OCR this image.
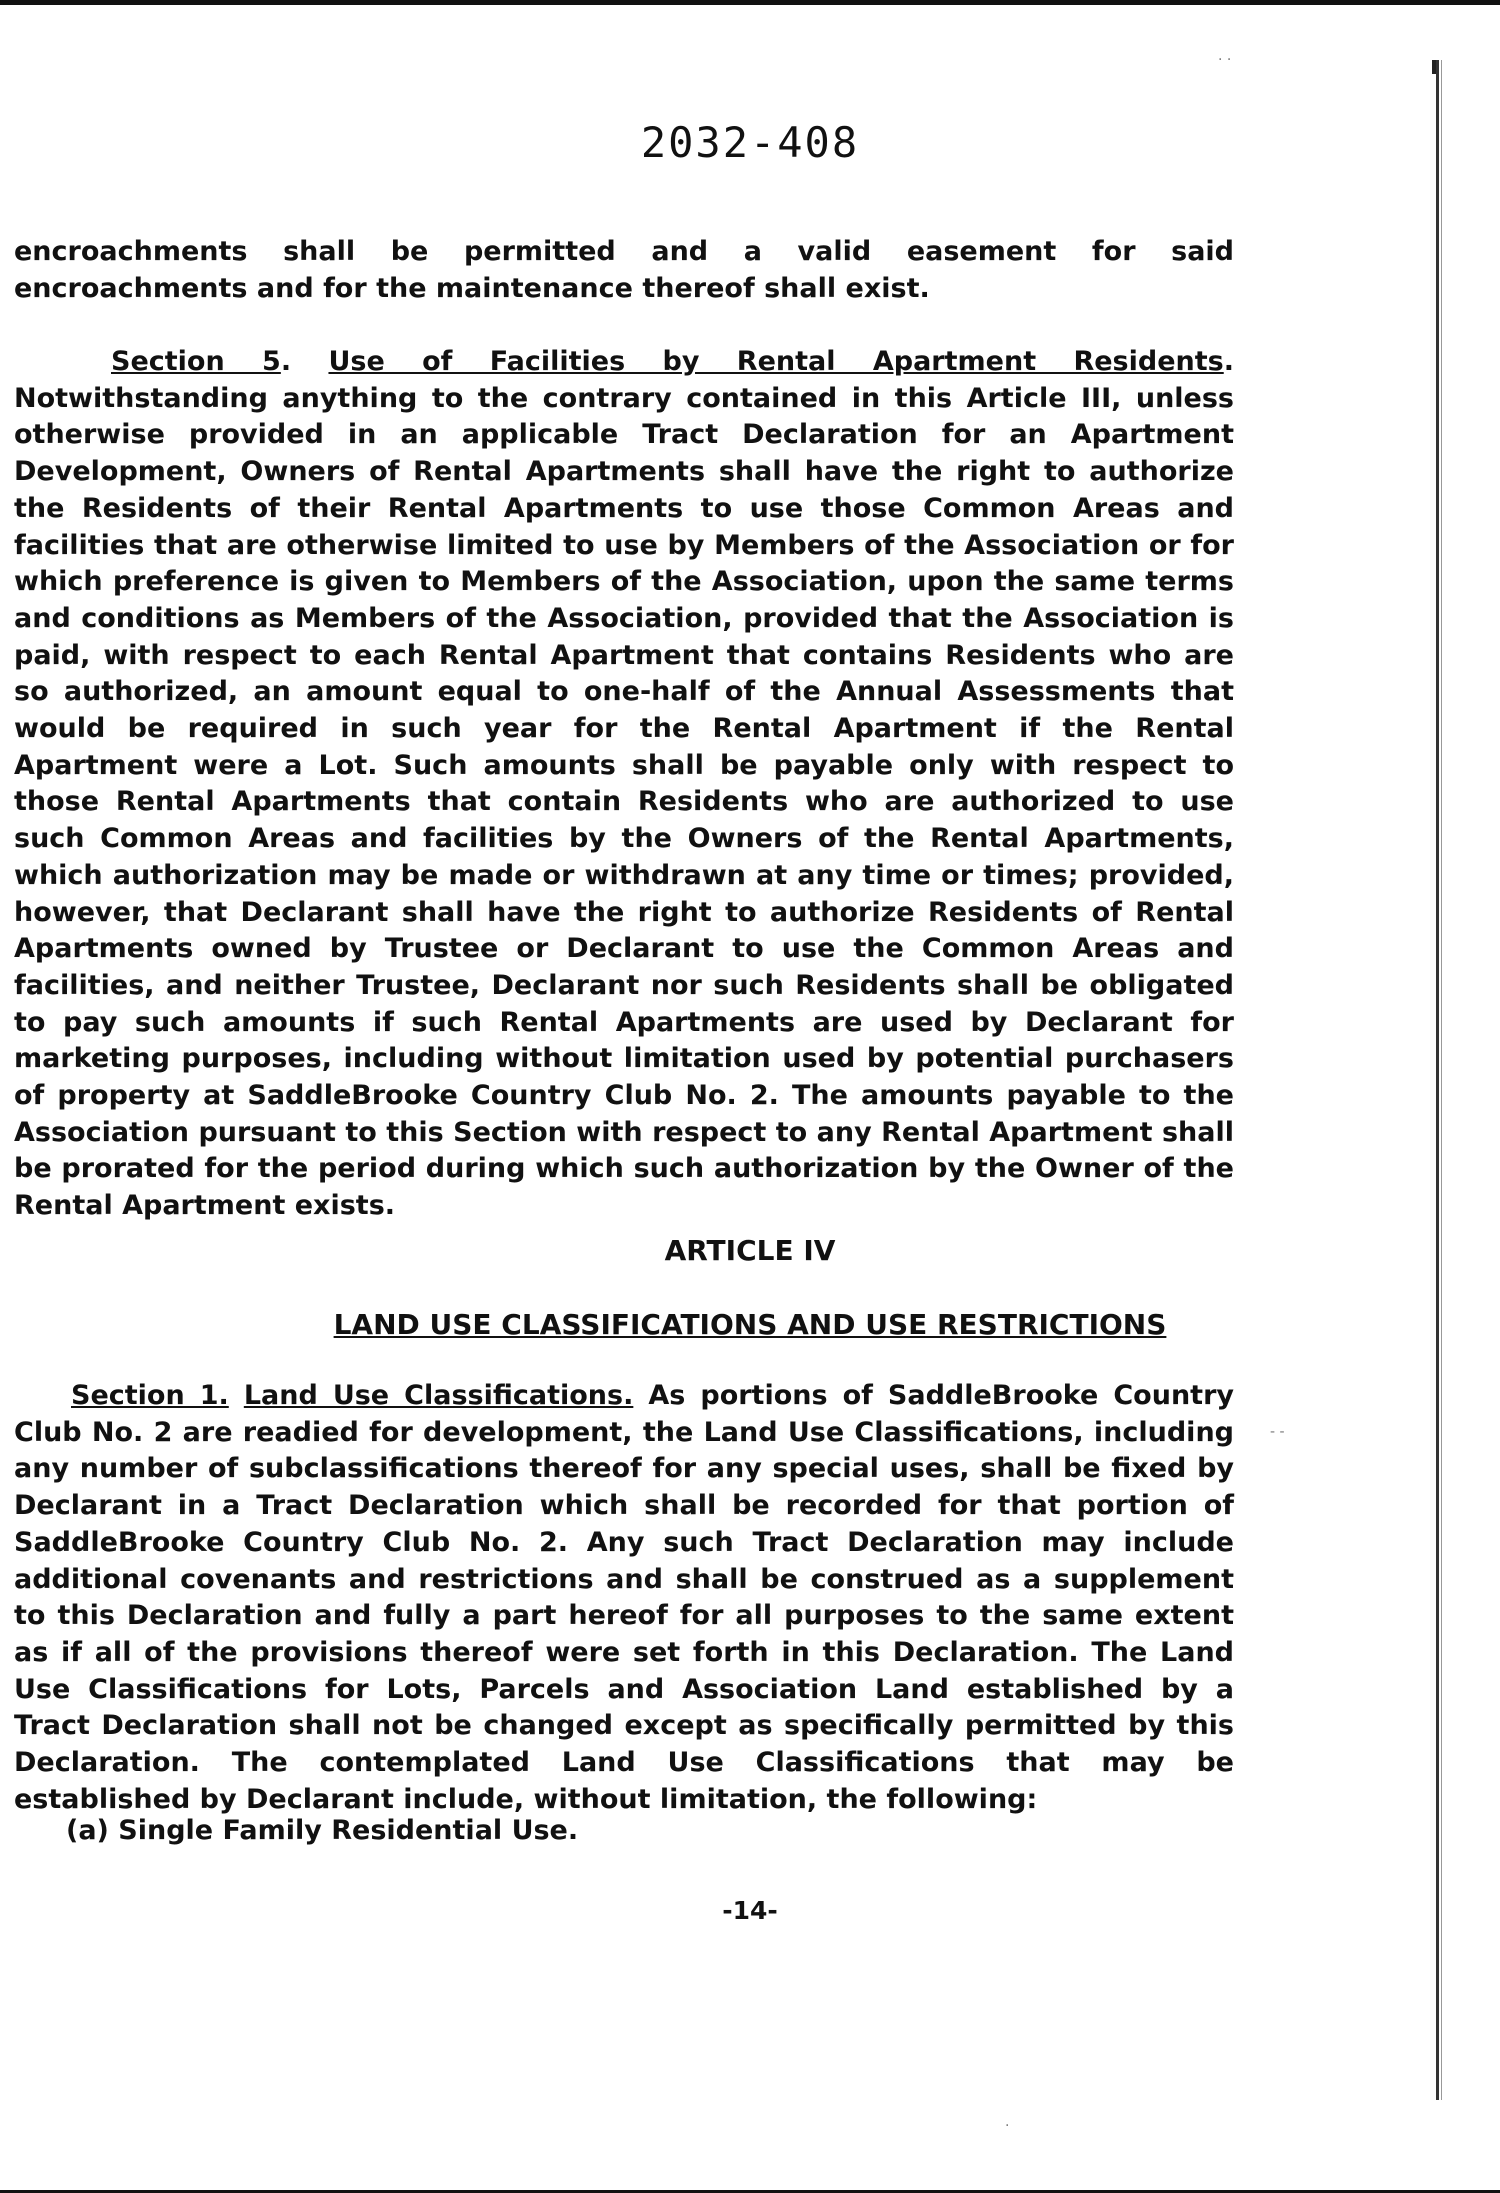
· ·
- -
·
2032-408

encroachments shall be permitted and a valid easement for said encroachments and for the maintenance thereof shall exist.

Section 5. Use of Facilities by Rental Apartment Residents. Notwithstanding anything to the contrary contained in this Article III, unless otherwise provided in an applicable Tract Declaration for an Apartment Development, Owners of Rental Apartments shall have the right to authorize the Residents of their Rental Apartments to use those Common Areas and facilities that are otherwise limited to use by Members of the Association or for which preference is given to Members of the Association, upon the same terms and conditions as Members of the Association, provided that the Association is paid, with respect to each Rental Apartment that contains Residents who are so authorized, an amount equal to one-half of the Annual Assessments that would be required in such year for the Rental Apartment if the Rental Apartment were a Lot. Such amounts shall be payable only with respect to those Rental Apartments that contain Residents who are authorized to use such Common Areas and facilities by the Owners of the Rental Apartments, which authorization may be made or withdrawn at any time or times; provided, however, that Declarant shall have the right to authorize Residents of Rental Apartments owned by Trustee or Declarant to use the Common Areas and facilities, and neither Trustee, Declarant nor such Residents shall be obligated to pay such amounts if such Rental Apartments are used by Declarant for marketing purposes, including without limitation used by potential purchasers of property at SaddleBrooke Country Club No. 2. The amounts payable to the Association pursuant to this Section with respect to any Rental Apartment shall be prorated for the period during which such authorization by the Owner of the Rental Apartment exists.

ARTICLE IV
LAND USE CLASSIFICATIONS AND USE RESTRICTIONS

Section 1. Land Use Classifications. As portions of SaddleBrooke Country Club No. 2 are readied for development, the Land Use Classifications, including any number of subclassifications thereof for any special uses, shall be fixed by Declarant in a Tract Declaration which shall be recorded for that portion of SaddleBrooke Country Club No. 2. Any such Tract Declaration may include additional covenants and restrictions and shall be construed as a supplement to this Declaration and fully a part hereof for all purposes to the same extent as if all of the provisions thereof were set forth in this Declaration. The Land Use Classifications for Lots, Parcels and Association Land established by a Tract Declaration shall not be changed except as specifically permitted by this Declaration. The contemplated Land Use Classifications that may be established by Declarant include, without limitation, the following:

(a) Single Family Residential Use.
-14-
